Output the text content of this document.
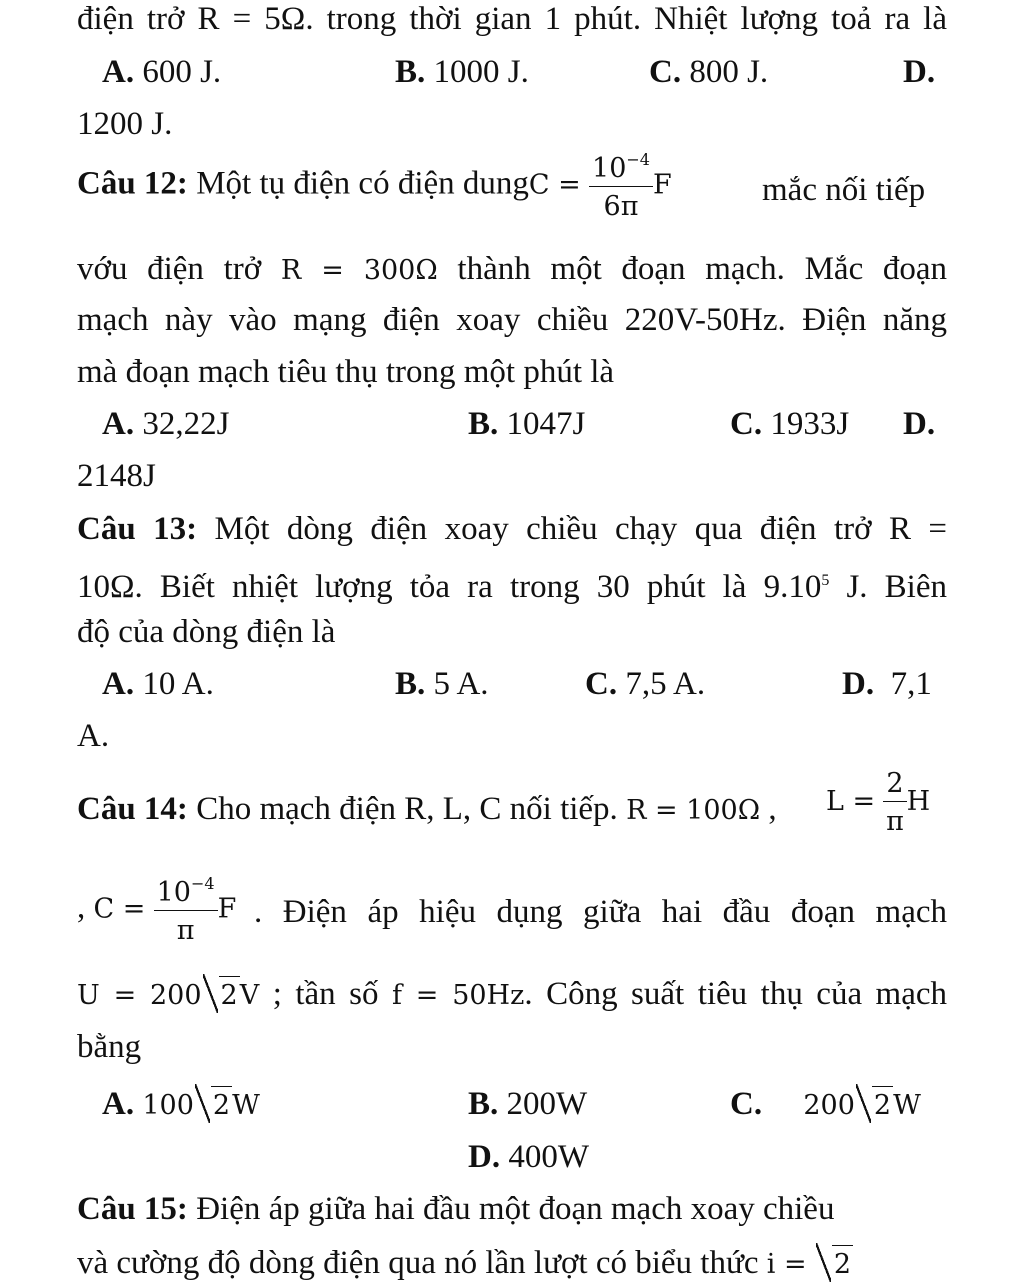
điện trở R = 5Ω. trong thời gian 1 phút. Nhiệt lượng toả ra là
A. 600 J.	B. 1000 J.	C. 800 J.	D.
1200 J.
Câu 12: Một tụ điện có điện dungC = $\frac{10^{-4}}{6\pi}$ F	mắc nối tiếp
vớu điện trở R = 300Ω thành một đoạn mạch. Mắc đoạn
mạch này vào mạng điện xoay chiều 220V-50Hz. Điện năng
mà đoạn mạch tiêu thụ trong một phút là
A. 32,22J	B. 1047J	C. 1933J D.
2148J
Câu 13: Một dòng điện xoay chiều chạy qua điện trở R =
10Ω. Biết nhiệt lượng tỏa ra trong 30 phút là 9.10$^5$ J. Biên
độ của dòng điện là
A. 10 A.	B. 5 A.	C. 7,5 A.	D. 7,1
A.
Câu 14: Cho mạch điện R, L, C nối tiếp. R = 100Ω , $L = \frac{2}{\pi}$ H
, $C = \frac{10^{-4}}{\pi}$ F . Điện áp hiệu dụng giữa hai đầu đoạn mạch
U = 200 2V ; tần số f = 50Hz. Công suất tiêu thụ của mạch
bằng
A. 100 2W	B. 200W	C. 200 2W
D. 400W
Câu 15: Điện áp giữa hai đầu một đoạn mạch xoay chiều
và cường độ dòng điện qua nó lần lượt có biểu thức i = 2
